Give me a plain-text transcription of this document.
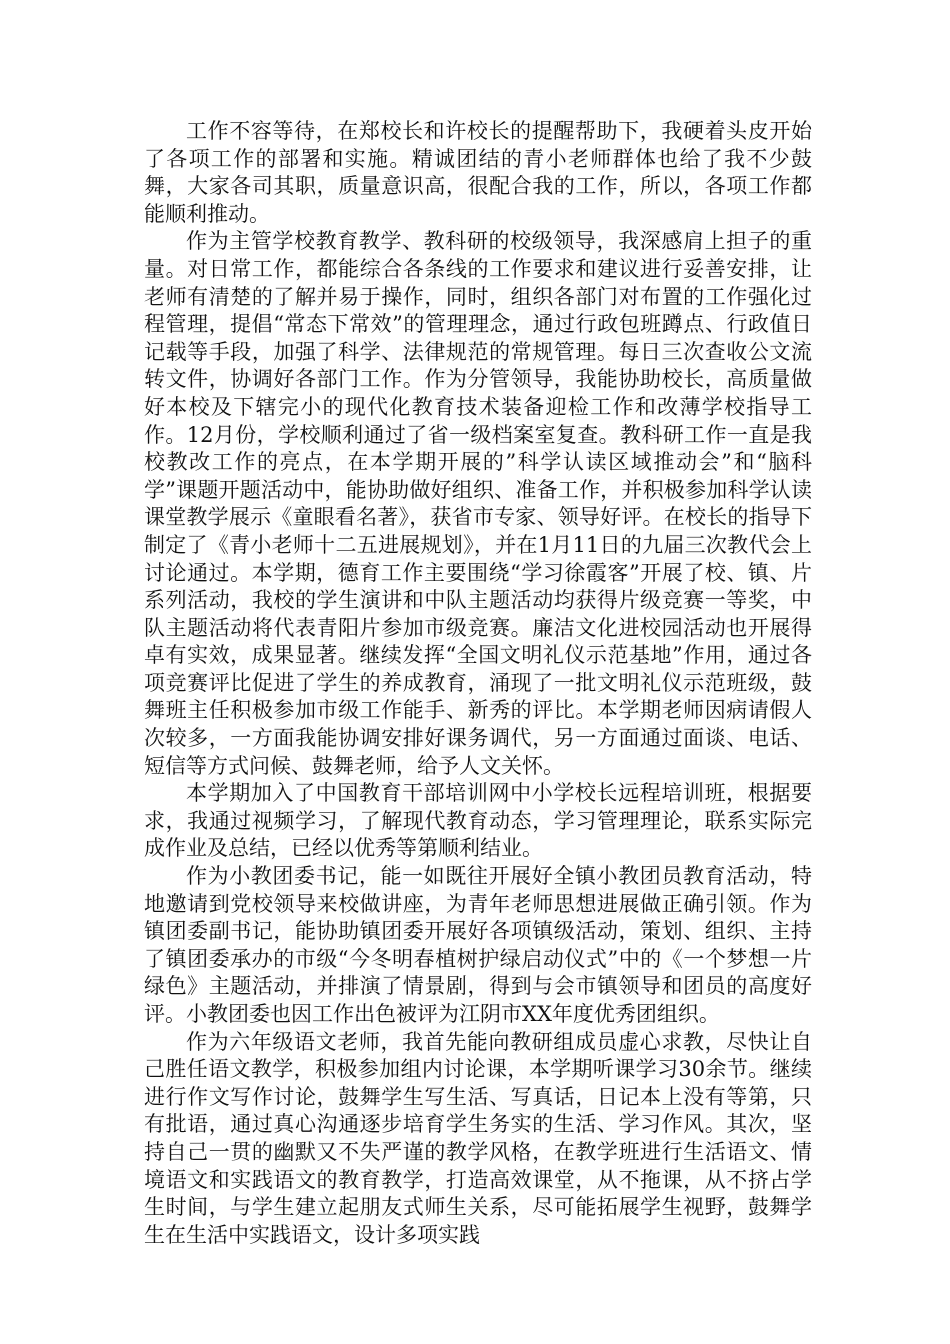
工作不容等待，在郑校长和许校长的提醒帮助下，我硬着头皮开始了各项工作的部署和实施。精诚团结的青小老师群体也给了我不少鼓舞，大家各司其职，质量意识高，很配合我的工作，所以，各项工作都能顺利推动。

作为主管学校教育教学、教科研的校级领导，我深感肩上担子的重量。对日常工作，都能综合各条线的工作要求和建议进行妥善安排，让老师有清楚的了解并易于操作，同时，组织各部门对布置的工作强化过程管理，提倡“常态下常效”的管理理念，通过行政包班蹲点、行政值日记载等手段，加强了科学、法律规范的常规管理。每日三次查收公文流转文件，协调好各部门工作。作为分管领导，我能协助校长，高质量做好本校及下辖完小的现代化教育技术装备迎检工作和改薄学校指导工作。12月份，学校顺利通过了省一级档案室复查。教科研工作一直是我校教改工作的亮点，在本学期开展的”科学认读区域推动会”和“脑科学”课题开题活动中，能协助做好组织、准备工作，并积极参加科学认读课堂教学展示《童眼看名著》，获省市专家、领导好评。在校长的指导下制定了《青小老师十二五进展规划》，并在1月11日的九届三次教代会上讨论通过。本学期，德育工作主要围绕“学习徐霞客”开展了校、镇、片系列活动，我校的学生演讲和中队主题活动均获得片级竞赛一等奖，中队主题活动将代表青阳片参加市级竞赛。廉洁文化进校园活动也开展得卓有实效，成果显著。继续发挥“全国文明礼仪示范基地”作用，通过各项竞赛评比促进了学生的养成教育，涌现了一批文明礼仪示范班级，鼓舞班主任积极参加市级工作能手、新秀的评比。本学期老师因病请假人次较多，一方面我能协调安排好课务调代，另一方面通过面谈、电话、短信等方式问候、鼓舞老师，给予人文关怀。

本学期加入了中国教育干部培训网中小学校长远程培训班，根据要求，我通过视频学习，了解现代教育动态，学习管理理论，联系实际完成作业及总结，已经以优秀等第顺利结业。

作为小教团委书记，能一如既往开展好全镇小教团员教育活动，特地邀请到党校领导来校做讲座，为青年老师思想进展做正确引领。作为镇团委副书记，能协助镇团委开展好各项镇级活动，策划、组织、主持了镇团委承办的市级“今冬明春植树护绿启动仪式”中的《一个梦想一片绿色》主题活动，并排演了情景剧，得到与会市镇领导和团员的高度好评。小教团委也因工作出色被评为江阴市XX年度优秀团组织。

作为六年级语文老师，我首先能向教研组成员虚心求教，尽快让自己胜任语文教学，积极参加组内讨论课，本学期听课学习30余节。继续进行作文写作讨论，鼓舞学生写生活、写真话，日记本上没有等第，只有批语，通过真心沟通逐步培育学生务实的生活、学习作风。其次，坚持自己一贯的幽默又不失严谨的教学风格，在教学班进行生活语文、情境语文和实践语文的教育教学，打造高效课堂，从不拖课，从不挤占学生时间，与学生建立起朋友式师生关系，尽可能拓展学生视野，鼓舞学生在生活中实践语文，设计多项实践
